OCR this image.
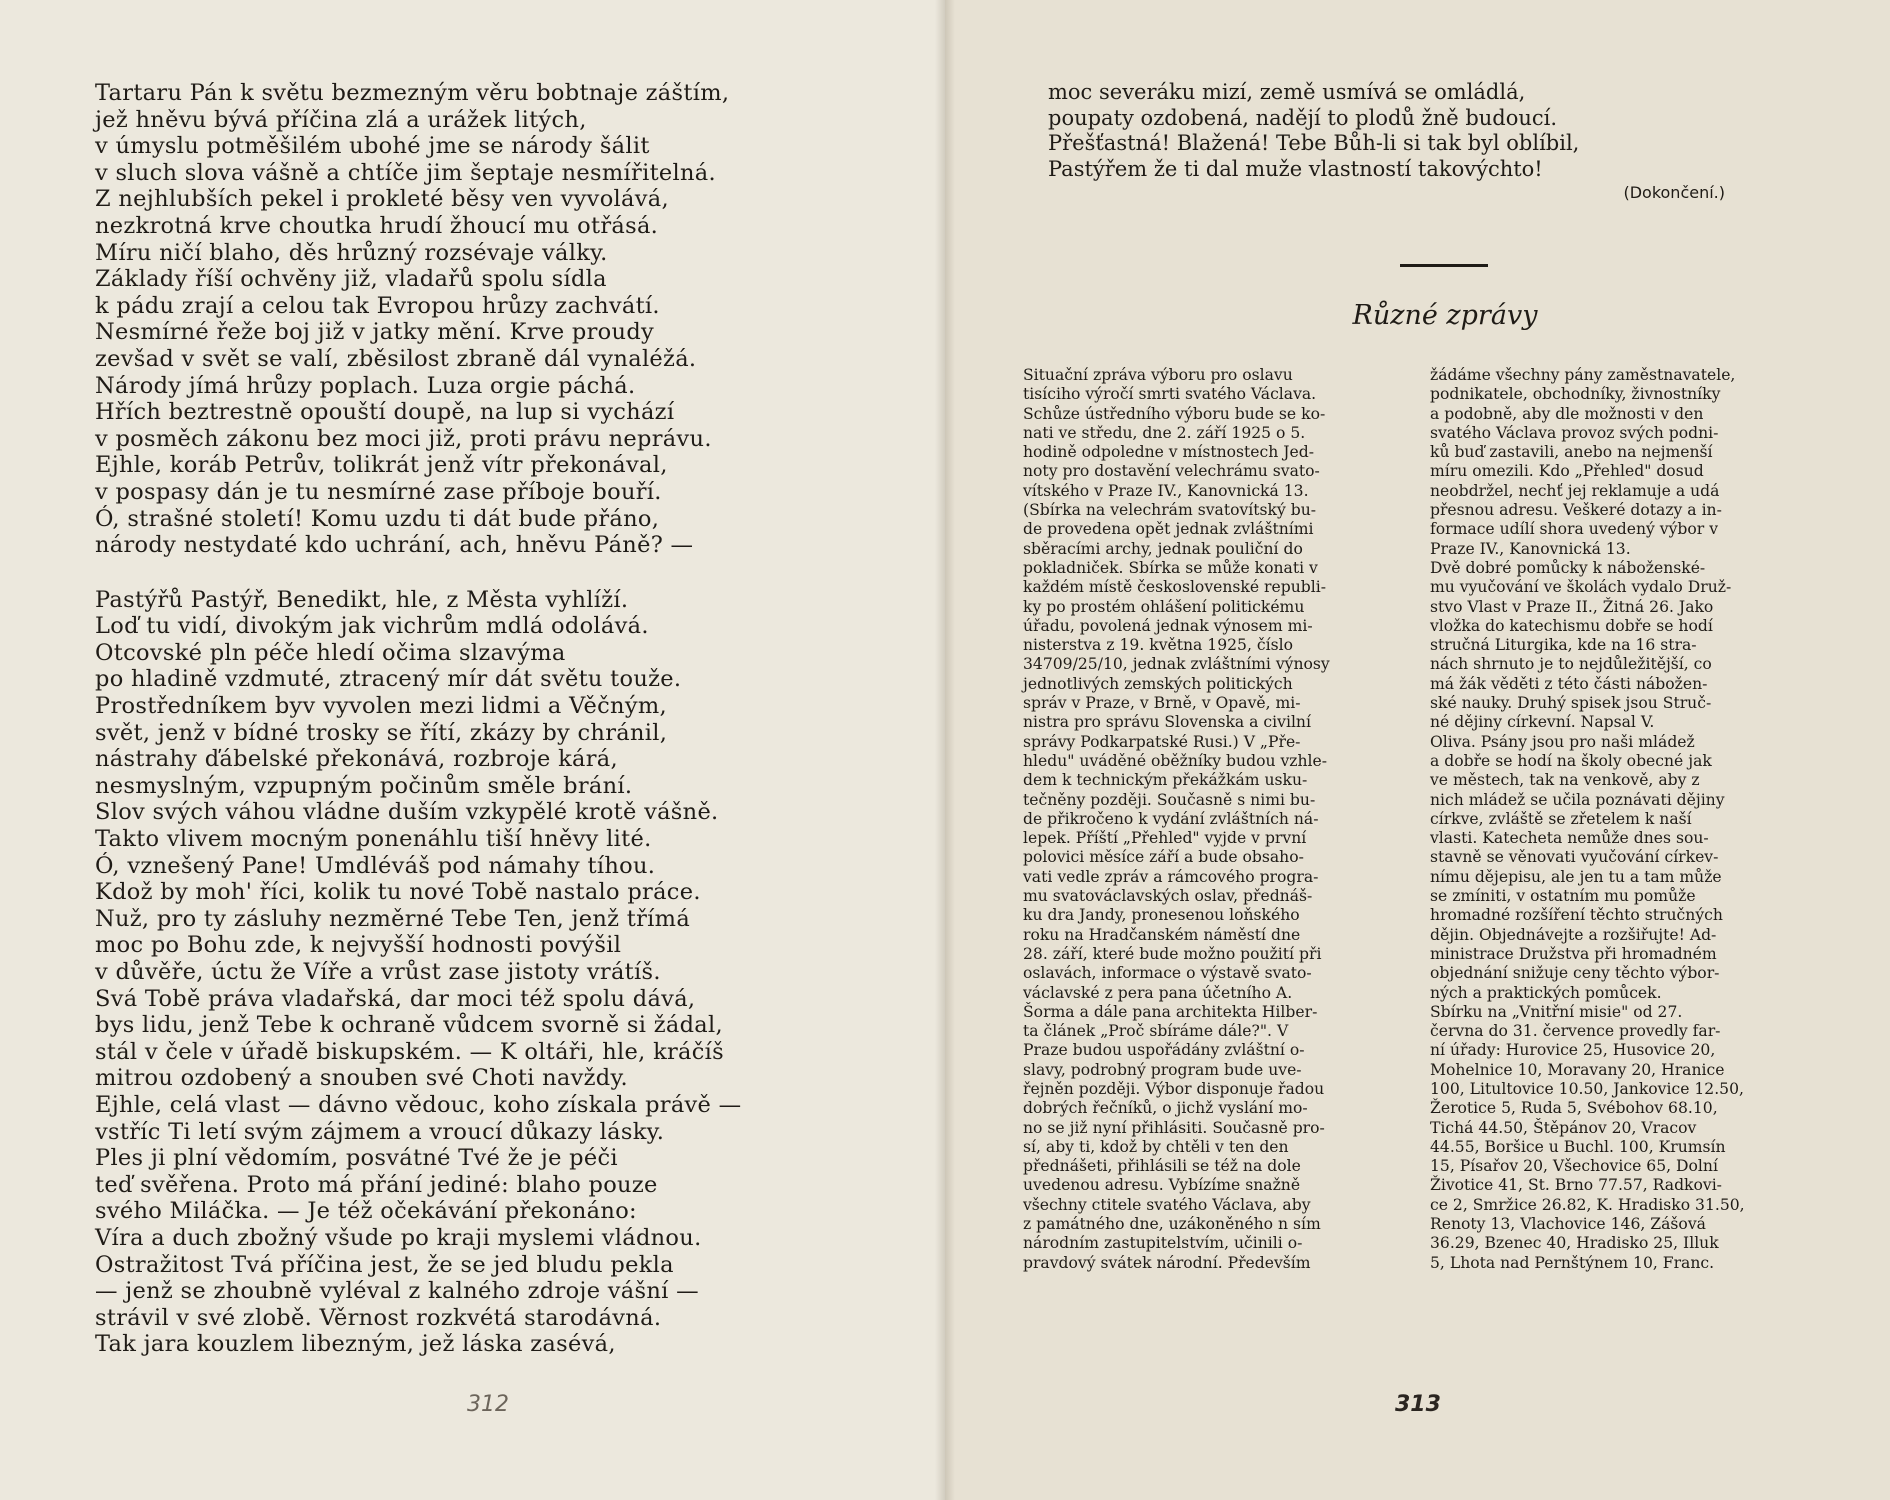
Tartaru Pán k světu bezmezným věru bobtnaje záštím,
jež hněvu bývá příčina zlá a urážek litých,
v úmyslu potměšilém ubohé jme se národy šálit
v sluch slova vášně a chtíče jim šeptaje nesmířitelná.
Z nejhlubších pekel i prokleté běsy ven vyvolává,
nezkrotná krve choutka hrudí žhoucí mu otřásá.
Míru ničí blaho, děs hrůzný rozsévaje války.
Základy říší ochvěny již, vladařů spolu sídla
k pádu zrají a celou tak Evropou hrůzy zachvátí.
Nesmírné řeže boj již v jatky mění. Krve proudy
zevšad v svět se valí, zběsilost zbraně dál vynaléžá.
Národy jímá hrůzy poplach. Luza orgie páchá.
Hřích beztrestně opouští doupě, na lup si vychází
v posměch zákonu bez moci již, proti právu neprávu.
Ejhle, koráb Petrův, tolikrát jenž vítr překonával,
v pospasy dán je tu nesmírné zase příboje bouří.
Ó, strašné století! Komu uzdu ti dát bude přáno,
národy nestydaté kdo uchrání, ach, hněvu Páně? —
Pastýřů Pastýř, Benedikt, hle, z Města vyhlíží.
Loď tu vidí, divokým jak vichrům mdlá odolává.
Otcovské pln péče hledí očima slzavýma
po hladině vzdmuté, ztracený mír dát světu touže.
Prostředníkem byv vyvolen mezi lidmi a Věčným,
svět, jenž v bídné trosky se řítí, zkázy by chránil,
nástrahy ďábelské překonává, rozbroje kárá,
nesmyslným, vzpupným počinům směle brání.
Slov svých váhou vládne duším vzkypělé krotě vášně.
Takto vlivem mocným ponenáhlu tiší hněvy lité.
Ó, vznešený Pane! Umdléváš pod námahy tíhou.
Kdož by moh' říci, kolik tu nové Tobě nastalo práce.
Nuž, pro ty zásluhy nezměrné Tebe Ten, jenž třímá
moc po Bohu zde, k nejvyšší hodnosti povýšil
v důvěře, úctu že Víře a vrůst zase jistoty vrátíš.
Svá Tobě práva vladařská, dar moci též spolu dává,
bys lidu, jenž Tebe k ochraně vůdcem svorně si žádal,
stál v čele v úřadě biskupském. — K oltáři, hle, kráčíš
mitrou ozdobený a snouben své Choti navždy.
Ejhle, celá vlast — dávno vědouc, koho získala právě —
vstříc Ti letí svým zájmem a vroucí důkazy lásky.
Ples ji plní vědomím, posvátné Tvé že je péči
teď svěřena. Proto má přání jediné: blaho pouze
svého Miláčka. — Je též očekávání překonáno:
Víra a duch zbožný všude po kraji myslemi vládnou.
Ostražitost Tvá příčina jest, že se jed bludu pekla
— jenž se zhoubně vyléval z kalného zdroje vášní —
strávil v své zlobě. Věrnost rozkvétá starodávná.
Tak jara kouzlem libezným, jež láska zasévá,
312
moc severáku mizí, země usmívá se omládlá,
poupaty ozdobená, nadějí to plodů žně budoucí.
Přešťastná! Blažená! Tebe Bůh-li si tak byl oblíbil,
Pastýřem že ti dal muže vlastností takovýchto!
(Dokončení.)
Různé zprávy
Situační zpráva výboru pro oslavu
tisíciho výročí smrti svatého Václava.
Schůze ústředního výboru bude se ko-
nati ve středu, dne 2. září 1925 o 5.
hodině odpoledne v místnostech Jed-
noty pro dostavění velechrámu svato-
vítského v Praze IV., Kanovnická 13.
(Sbírka na velechrám svatovítský bu-
de provedena opět jednak zvláštními
sběracími archy, jednak pouliční do
pokladniček. Sbírka se může konati v
každém místě československé republi-
ky po prostém ohlášení politickému
úřadu, povolená jednak výnosem mi-
nisterstva z 19. května 1925, číslo
34709/25/10, jednak zvláštními výnosy
jednotlivých zemských politických
správ v Praze, v Brně, v Opavě, mi-
nistra pro správu Slovenska a civilní
správy Podkarpatské Rusi.) V „Pře-
hledu" uváděné oběžníky budou vzhle-
dem k technickým překážkám usku-
tečněny později. Současně s nimi bu-
de přikročeno k vydání zvláštních ná-
lepek. Příští „Přehled" vyjde v první
polovici měsíce září a bude obsaho-
vati vedle zpráv a rámcového progra-
mu svatováclavských oslav, přednáš-
ku dra Jandy, pronesenou loňského
roku na Hradčanském náměstí dne
28. září, které bude možno použití při
oslavách, informace o výstavě svato-
václavské z pera pana účetního A.
Šorma a dále pana architekta Hilber-
ta článek „Proč sbíráme dále?". V
Praze budou uspořádány zvláštní o-
slavy, podrobný program bude uve-
řejněn později. Výbor disponuje řadou
dobrých řečníků, o jichž vyslání mo-
no se již nyní přihlásiti. Současně pro-
sí, aby ti, kdož by chtěli v ten den
přednášeti, přihlásili se též na dole
uvedenou adresu. Vybízíme snažně
všechny ctitele svatého Václava, aby
z památného dne, uzákoněného n sím
národním zastupitelstvím, učinili o-
pravdový svátek národní. Především
žádáme všechny pány zaměstnavatele,
podnikatele, obchodníky, živnostníky
a podobně, aby dle možnosti v den
svatého Václava provoz svých podni-
ků buď zastavili, anebo na nejmenší
míru omezili. Kdo „Přehled" dosud
neobdržel, nechť jej reklamuje a udá
přesnou adresu. Veškeré dotazy a in-
formace udílí shora uvedený výbor v
Praze IV., Kanovnická 13.
Dvě dobré pomůcky k náboženské-
mu vyučování ve školách vydalo Druž-
stvo Vlast v Praze II., Žitná 26. Jako
vložka do katechismu dobře se hodí
stručná Liturgika, kde na 16 stra-
nách shrnuto je to nejdůležitější, co
má žák věděti z této části nábožen-
ské nauky. Druhý spisek jsou Struč-
né dějiny církevní. Napsal V.
Oliva. Psány jsou pro naši mládež
a dobře se hodí na školy obecné jak
ve městech, tak na venkově, aby z
nich mládež se učila poznávati dějiny
církve, zvláště se zřetelem k naší
vlasti. Katecheta nemůže dnes sou-
stavně se věnovati vyučování církev-
nímu dějepisu, ale jen tu a tam může
se zmíniti, v ostatním mu pomůže
hromadné rozšíření těchto stručných
dějin. Objednávejte a rozšiřujte! Ad-
ministrace Družstva při hromadném
objednání snižuje ceny těchto výbor-
ných a praktických pomůcek.
Sbírku na „Vnitřní misie" od 27.
června do 31. července provedly far-
ní úřady: Hurovice 25, Husovice 20,
Mohelnice 10, Moravany 20, Hranice
100, Litultovice 10.50, Jankovice 12.50,
Žerotice 5, Ruda 5, Svébohov 68.10,
Tichá 44.50, Štěpánov 20, Vracov
44.55, Boršice u Buchl. 100, Krumsín
15, Písařov 20, Všechovice 65, Dolní
Životice 41, St. Brno 77.57, Radkovi-
ce 2, Smržice 26.82, K. Hradisko 31.50,
Renoty 13, Vlachovice 146, Zášová
36.29, Bzenec 40, Hradisko 25, Illuk
5, Lhota nad Pernštýnem 10, Franc.
313
